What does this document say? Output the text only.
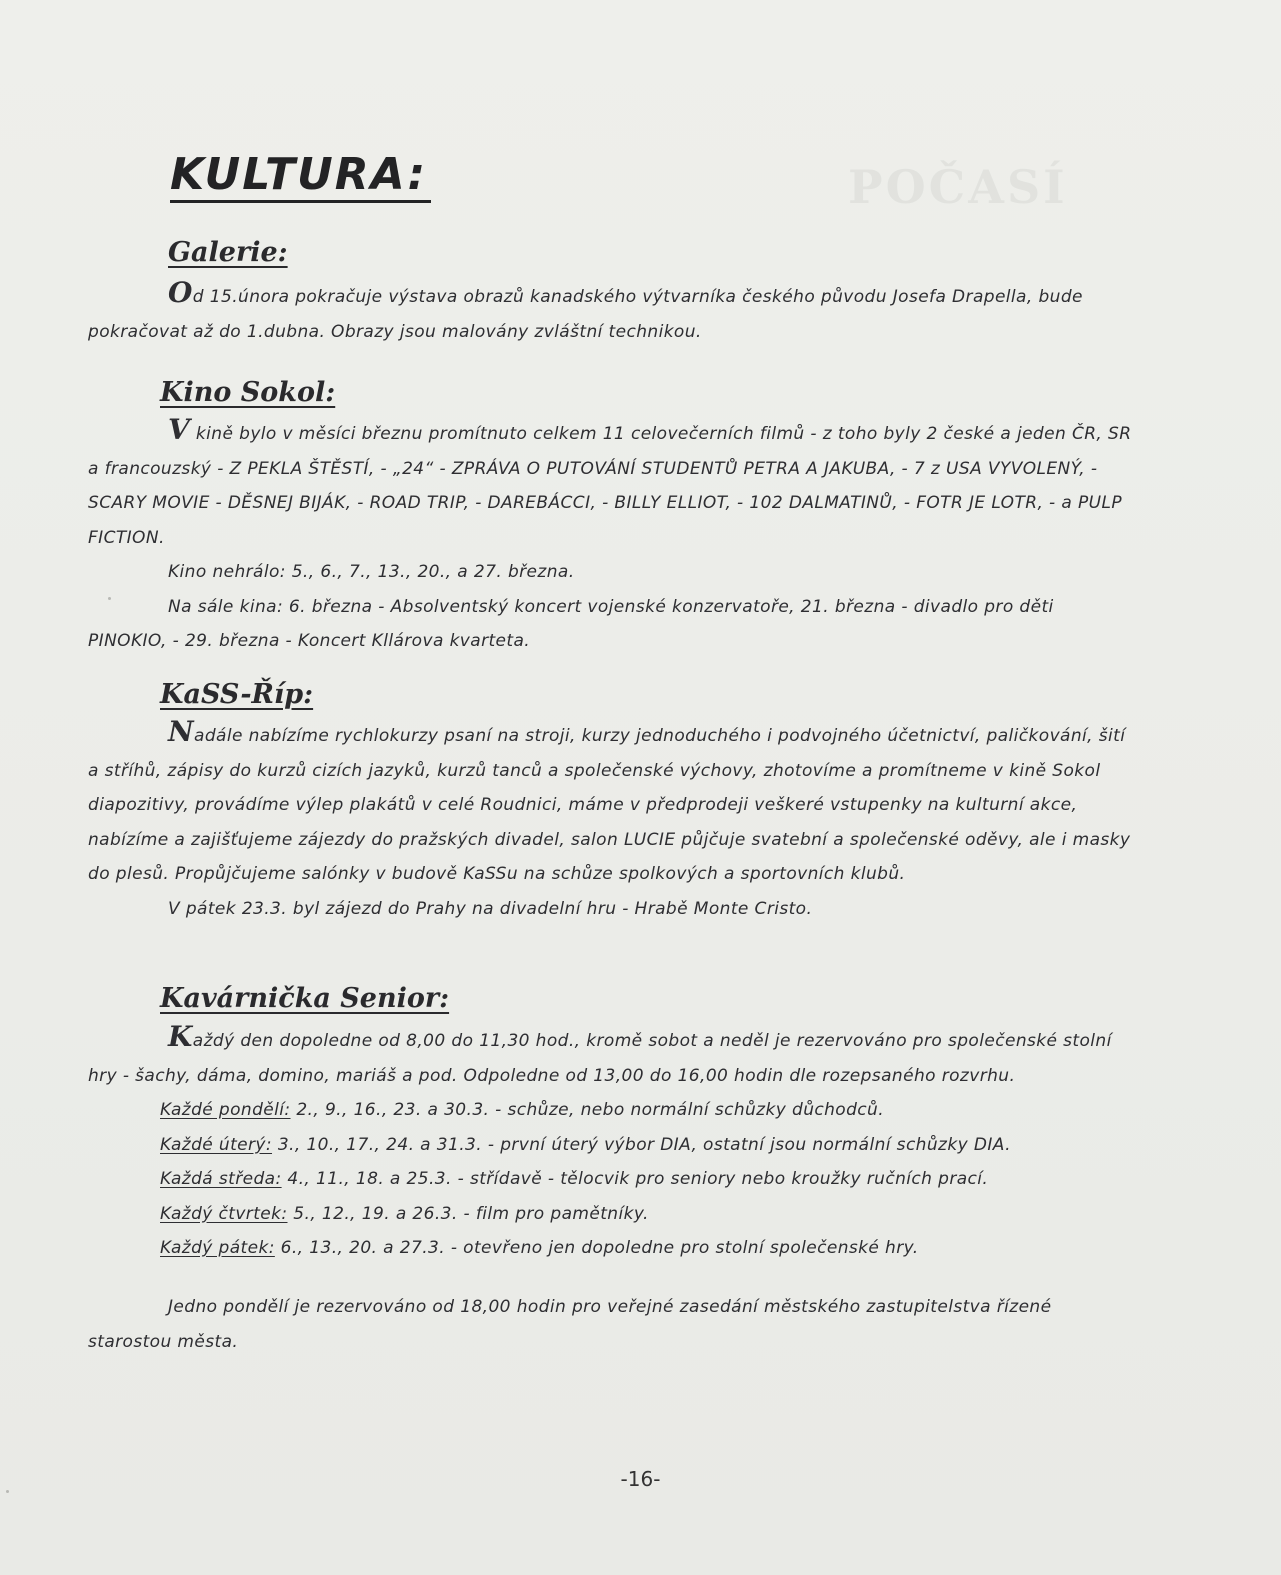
POČASÍ
KULTURA:
Galerie:

Od 15.února pokračuje výstava obrazů kanadského výtvarníka českého původu Josefa Drapella, bude pokračovat až do 1.dubna. Obrazy jsou malovány zvláštní technikou.

Kino Sokol:

V kině bylo v měsíci březnu promítnuto celkem 11 celovečerních filmů - z toho byly 2 české a jeden ČR, SR a francouzský - Z PEKLA ŠTĚSTÍ, - „24“ - ZPRÁVA O PUTOVÁNÍ STUDENTŮ PETRA A JAKUBA, - 7 z USA VYVOLENÝ, - SCARY MOVIE - DĚSNEJ BIJÁK, - ROAD TRIP, - DAREBÁCCI, - BILLY ELLIOT, - 102 DALMATINŮ, - FOTR JE LOTR, - a PULP FICTION.

Kino nehrálo: 5., 6., 7., 13., 20., a 27. března.

Na sále kina: 6. března - Absolventský koncert vojenské konzervatoře, 21. března - divadlo pro děti PINOKIO, - 29. března - Koncert Kllárova kvarteta.

KaSS-Říp:

Nadále nabízíme rychlokurzy psaní na stroji, kurzy jednoduchého i podvojného účetnictví, paličkování, šití a stříhů, zápisy do kurzů cizích jazyků, kurzů tanců a společenské výchovy, zhotovíme a promítneme v kině Sokol diapozitivy, provádíme výlep plakátů v celé Roudnici, máme v předprodeji veškeré vstupenky na kulturní akce, nabízíme a zajišťujeme zájezdy do pražských divadel, salon LUCIE půjčuje svatební a společenské oděvy, ale i masky do plesů. Propůjčujeme salónky v budově KaSSu na schůze spolkových a sportovních klubů.

V pátek 23.3. byl zájezd do Prahy na divadelní hru - Hrabě Monte Cristo.

Kavárnička Senior:

Každý den dopoledne od 8,00 do 11,30 hod., kromě sobot a neděl je rezervováno pro společenské stolní hry - šachy, dáma, domino, mariáš a pod. Odpoledne od 13,00 do 16,00 hodin dle rozepsaného rozvrhu.

Každé pondělí: 2., 9., 16., 23. a 30.3. - schůze, nebo normální schůzky důchodců.

Každé úterý: 3., 10., 17., 24. a 31.3. - první úterý výbor DIA, ostatní jsou normální schůzky DIA.

Každá středa: 4., 11., 18. a 25.3. - střídavě - tělocvik pro seniory nebo kroužky ručních prací.

Každý čtvrtek: 5., 12., 19. a 26.3. - film pro pamětníky.

Každý pátek: 6., 13., 20. a 27.3. - otevřeno jen dopoledne pro stolní společenské hry.

Jedno pondělí je rezervováno od 18,00 hodin pro veřejné zasedání městského zastupitelstva řízené starostou města.

-16-
